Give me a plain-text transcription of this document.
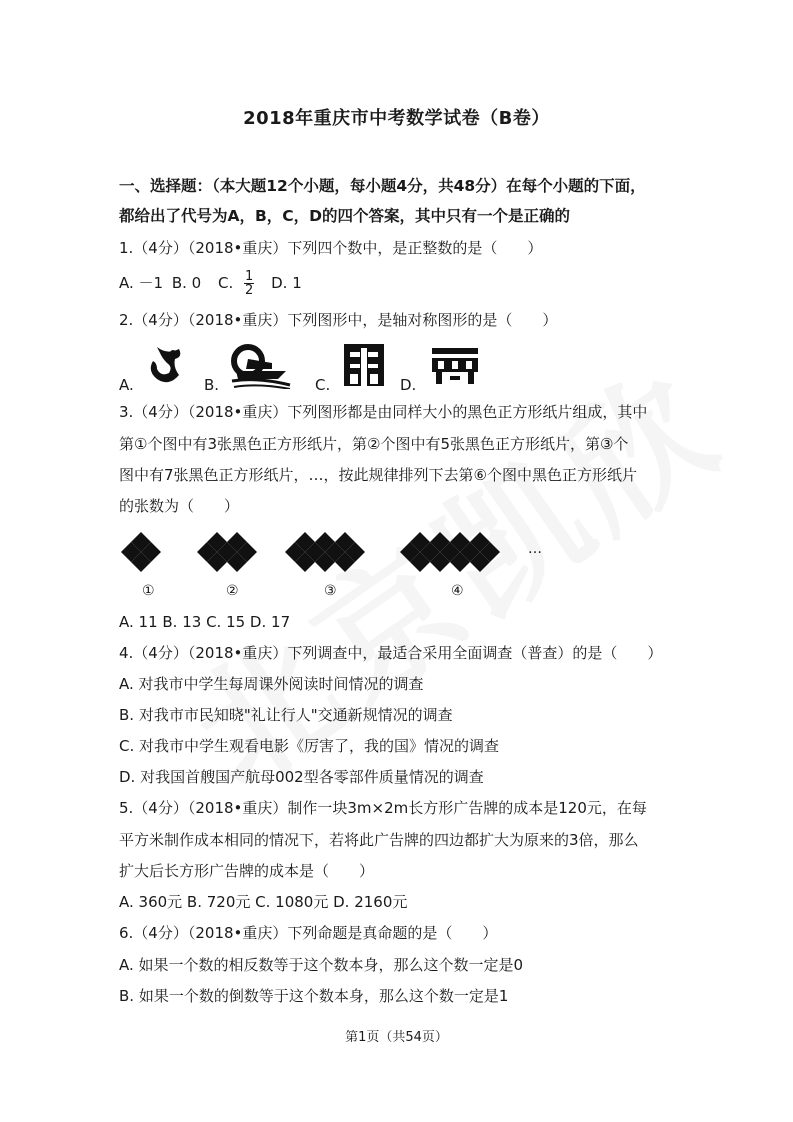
2018年重庆市中考数学试卷（B卷）
一、选择题：（本大题12个小题，每小题4分，共48分）在每个小题的下面，
都给出了代号为A，B，C，D的四个答案，其中只有一个是正确的
1.（4分）（2018•重庆）下列四个数中，是正整数的是（　　）
A. －1 B. 0 C. $\frac{1}{2} D$. 1
2.（4分）（2018•重庆）下列图形中，是轴对称图形的是（　　）
A.	B.	C.	D.
3.（4分）（2018•重庆）下列图形都是由同样大小的黑色正方形纸片组成，其中
第①个图中有3张黑色正方形纸片，第②个图中有5张黑色正方形纸片，第③个
图中有7张黑色正方形纸片，…，按此规律排列下去第⑥个图中黑色正方形纸片
的张数为（　　）
①	②	③	④
…
A. 11 B. 13 C. 15 D. 17
4.（4分）（2018•重庆）下列调查中，最适合采用全面调查（普查）的是（　　）
A. 对我市中学生每周课外阅读时间情况的调查
B. 对我市市民知晓"礼让行人"交通新规情况的调查
C. 对我市中学生观看电影《厉害了，我的国》情况的调查
D. 对我国首艘国产航母002型各零部件质量情况的调查
5.（4分）（2018•重庆）制作一块3m×2m长方形广告牌的成本是120元，在每
平方米制作成本相同的情况下，若将此广告牌的四边都扩大为原来的3倍，那么
扩大后长方形广告牌的成本是（　　）
A. 360元 B. 720元 C. 1080元 D. 2160元
6.（4分）（2018•重庆）下列命题是真命题的是（　　）
A. 如果一个数的相反数等于这个数本身，那么这个数一定是0
B. 如果一个数的倒数等于这个数本身，那么这个数一定是1
第1页（共54页）
